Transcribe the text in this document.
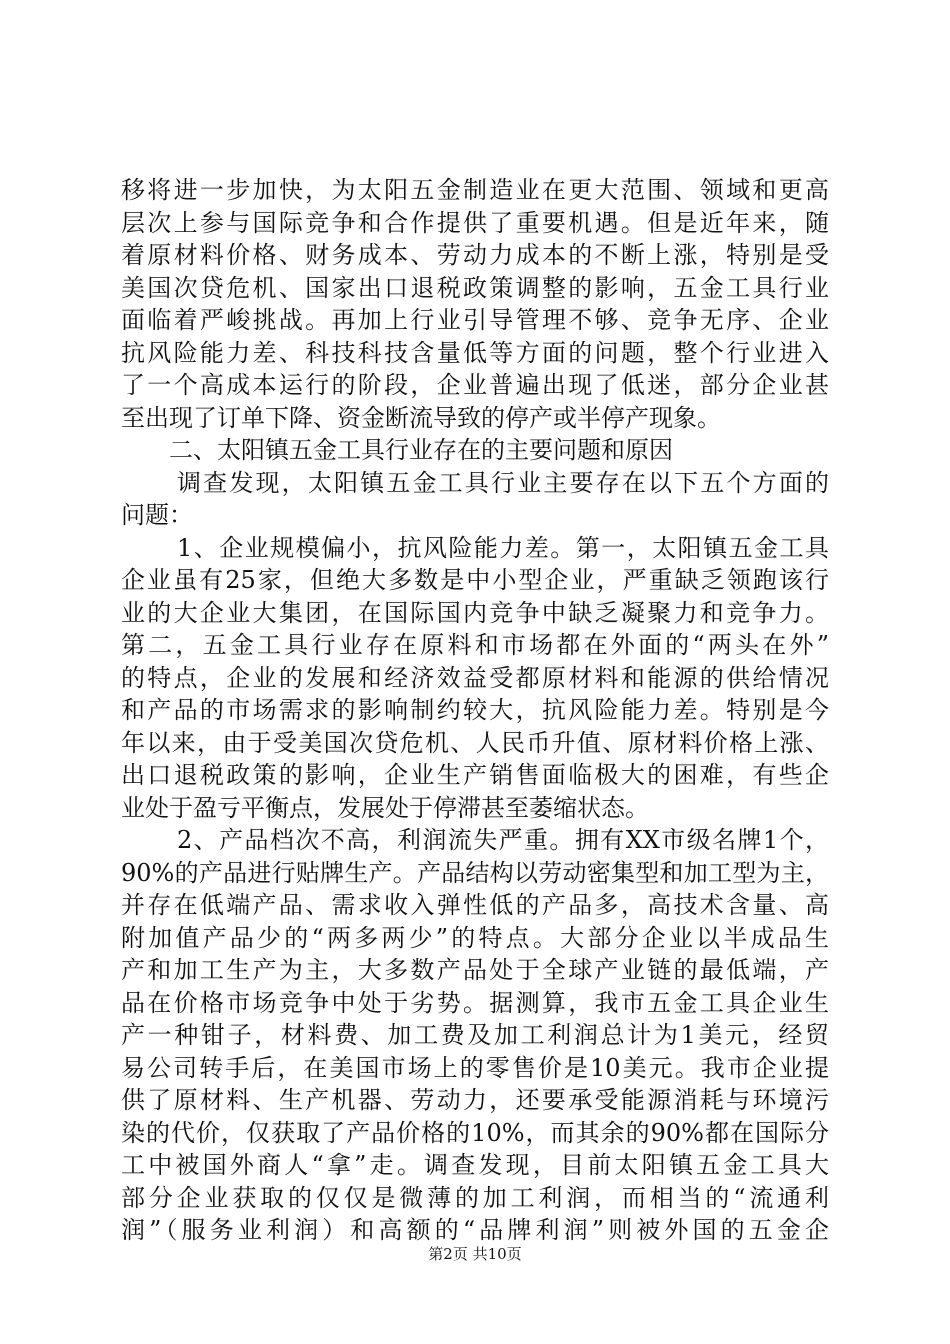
移将进一步加快，为太阳五金制造业在更大范围、领域和更高
层次上参与国际竞争和合作提供了重要机遇。但是近年来，随
着原材料价格、财务成本、劳动力成本的不断上涨，特别是受
美国次贷危机、国家出口退税政策调整的影响，五金工具行业
面临着严峻挑战。再加上行业引导管理不够、竞争无序、企业
抗风险能力差、科技科技含量低等方面的问题，整个行业进入
了一个高成本运行的阶段，企业普遍出现了低迷，部分企业甚
至出现了订单下降、资金断流导致的停产或半停产现象。
二、太阳镇五金工具行业存在的主要问题和原因
调查发现，太阳镇五金工具行业主要存在以下五个方面的
问题：
1、企业规模偏小，抗风险能力差。第一，太阳镇五金工具
企业虽有25家，但绝大多数是中小型企业，严重缺乏领跑该行
业的大企业大集团，在国际国内竞争中缺乏凝聚力和竞争力。
第二，五金工具行业存在原料和市场都在外面的“两头在外”
的特点，企业的发展和经济效益受都原材料和能源的供给情况
和产品的市场需求的影响制约较大，抗风险能力差。特别是今
年以来，由于受美国次贷危机、人民币升值、原材料价格上涨、
出口退税政策的影响，企业生产销售面临极大的困难，有些企
业处于盈亏平衡点，发展处于停滞甚至萎缩状态。
2、产品档次不高，利润流失严重。拥有XX市级名牌1个，
90%的产品进行贴牌生产。产品结构以劳动密集型和加工型为主，
并存在低端产品、需求收入弹性低的产品多，高技术含量、高
附加值产品少的“两多两少”的特点。大部分企业以半成品生
产和加工生产为主，大多数产品处于全球产业链的最低端，产
品在价格市场竞争中处于劣势。据测算，我市五金工具企业生
产一种钳子，材料费、加工费及加工利润总计为1美元，经贸
易公司转手后，在美国市场上的零售价是10美元。我市企业提
供了原材料、生产机器、劳动力，还要承受能源消耗与环境污
染的代价，仅获取了产品价格的10%，而其余的90%都在国际分
工中被国外商人“拿”走。调查发现，目前太阳镇五金工具大
部分企业获取的仅仅是微薄的加工利润，而相当的“流通利
润”（服务业利润）和高额的“品牌利润”则被外国的五金企
第2页 共10页
